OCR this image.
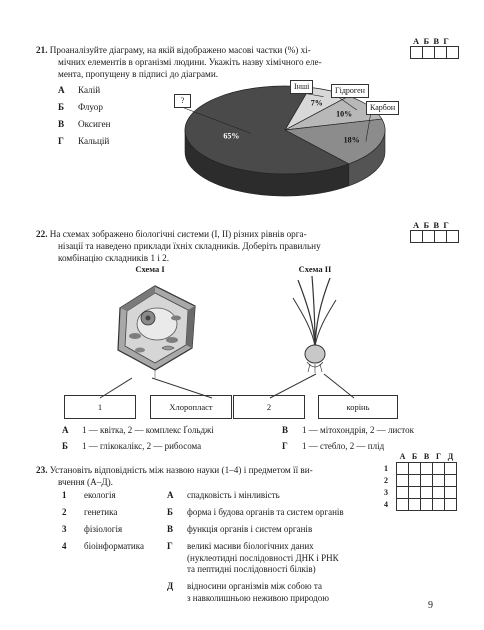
21. Проаналізуйте діаграму, на якій відображено масові частки (%) хі-
мічних елементів в організмі людини. Укажіть назву хімічного еле-
мента, пропущену в підписі до діаграми.
АБВГ

А Калій
Б Флуор
В Оксиген
Г Кальцій
7%
10%
18%
65%
?
Інші	Гідроген
Карбон
22. На схемах зображено біологічні системи (І, ІІ) різних рівнів орга-
нізації та наведено приклади їхніх складників. Доберіть правильну
комбінацію складників 1 і 2.
АБВГ

Схема І	Схема ІІ
1	Хлоропласт	2	корінь
А 1 — квітка, 2 — комплекс Ґольджі
Б 1 — глікокалікс, 2 — рибосома
В 1 — мітохондрія, 2 — листок
Г 1 — стебло, 2 — плід
23. Установіть відповідність між назвою науки (1–4) і предметом її ви-
вчення (А–Д).
	А	Б	В	Г	Д
1					
2					
3					
4					
1 екологія
2 генетика
3 фізіологія
4 біоінформатика
А	спадковість і мінливість
Б	форма і будова органів та систем органів
В	функція органів і систем органів
Г	великі масиви біологічних даних
(нуклеотидні послідовності ДНК і РНК
та пептидні послідовності білків)
Д	відносини організмів між собою та
з навколишньою неживою природою
9
